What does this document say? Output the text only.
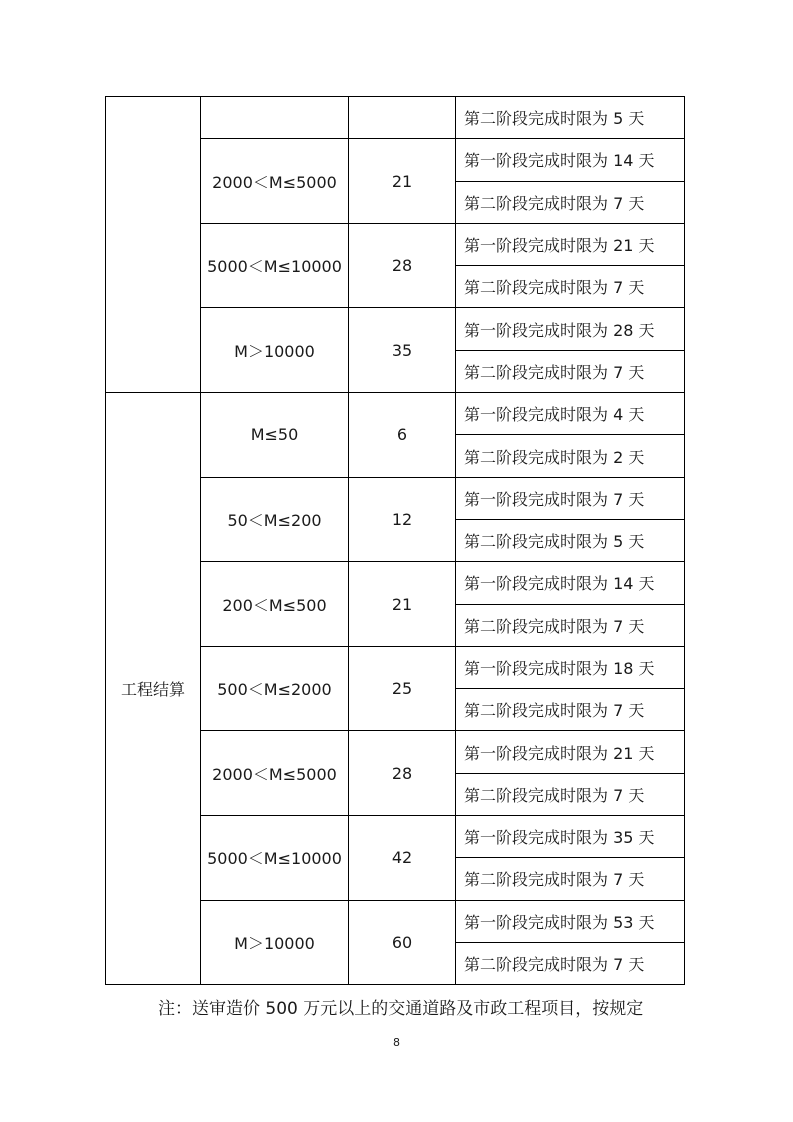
			第二阶段完成时限为 5 天
	2000＜M≤5000	21	第一阶段完成时限为 14 天
			第二阶段完成时限为 7 天
	5000＜M≤10000	28	第一阶段完成时限为 21 天
			第二阶段完成时限为 7 天
	M＞10000	35	第一阶段完成时限为 28 天
			第二阶段完成时限为 7 天
工程结算	M≤50	6	第一阶段完成时限为 4 天
			第二阶段完成时限为 2 天
	50＜M≤200	12	第一阶段完成时限为 7 天
			第二阶段完成时限为 5 天
	200＜M≤500	21	第一阶段完成时限为 14 天
			第二阶段完成时限为 7 天
	500＜M≤2000	25	第一阶段完成时限为 18 天
			第二阶段完成时限为 7 天
	2000＜M≤5000	28	第一阶段完成时限为 21 天
			第二阶段完成时限为 7 天
	5000＜M≤10000	42	第一阶段完成时限为 35 天
			第二阶段完成时限为 7 天
	M＞10000	60	第一阶段完成时限为 53 天
			第二阶段完成时限为 7 天
注：送审造价 500 万元以上的交通道路及市政工程项目，按规定
8
